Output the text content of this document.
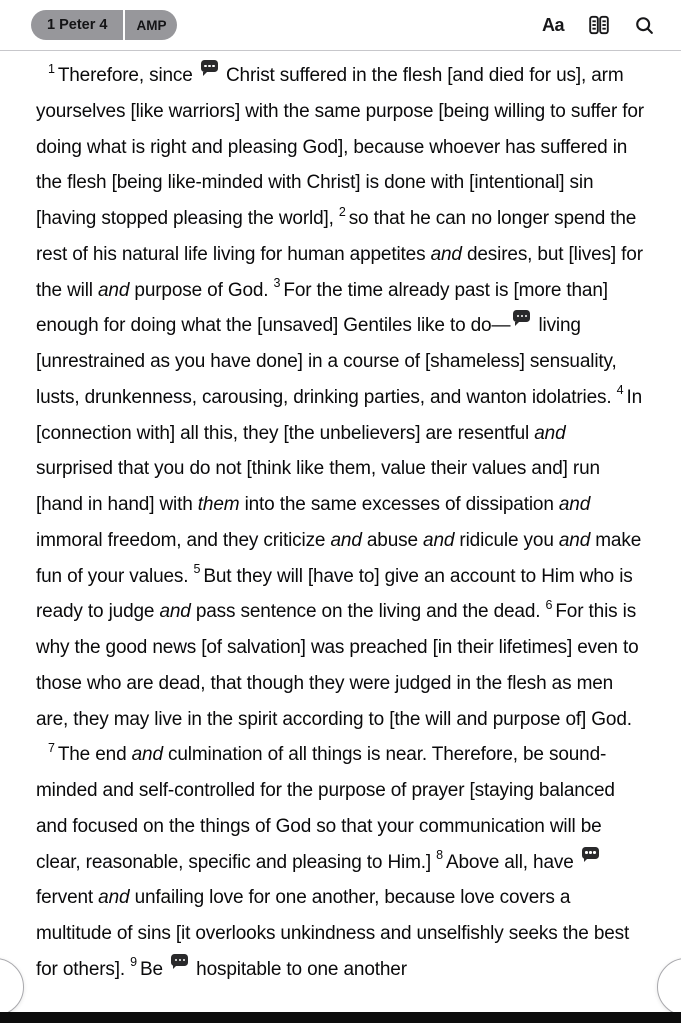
1 Peter 4	AMP	Aa

$^1$ Therefore, since  Christ suffered in the flesh [and died for us], arm yourselves [like warriors] with the same purpose [being willing to suffer for doing what is right and pleasing God], because whoever has suffered in the flesh [being like-minded with Christ] is done with [intentional] sin [having stopped pleasing the world], $^2$ so that he can no longer spend the rest of his natural life living for human appetites and desires, but [lives] for the will and purpose of God. $^3$ For the time already past is [more than] enough for doing what the [unsaved] Gentiles like to do— living [unrestrained as you have done] in a course of [shameless] sensuality, lusts, drunkenness, carousing, drinking parties, and wanton idolatries. $^4$ In [connection with] all this, they [the unbelievers] are resentful and surprised that you do not [think like them, value their values and] run [hand in hand] with them into the same excesses of dissipation and immoral freedom, and they criticize and abuse and ridicule you and make fun of your values. $^5$ But they will [have to] give an account to Him who is ready to judge and pass sentence on the living and the dead. $^6$ For this is why the good news [of salvation] was preached [in their lifetimes] even to those who are dead, that though they were judged in the flesh as men are, they may live in the spirit according to [the will and purpose of] God.

$^7$ The end and culmination of all things is near. Therefore, be sound-minded and self-controlled for the purpose of prayer [staying balanced and focused on the things of God so that your communication will be clear, reasonable, specific and pleasing to Him.] $^8$ Above all, have  fervent and unfailing love for one another, because love covers a multitude of sins [it overlooks unkindness and unselfishly seeks the best for others]. $^9$ Be  hospitable to one another
